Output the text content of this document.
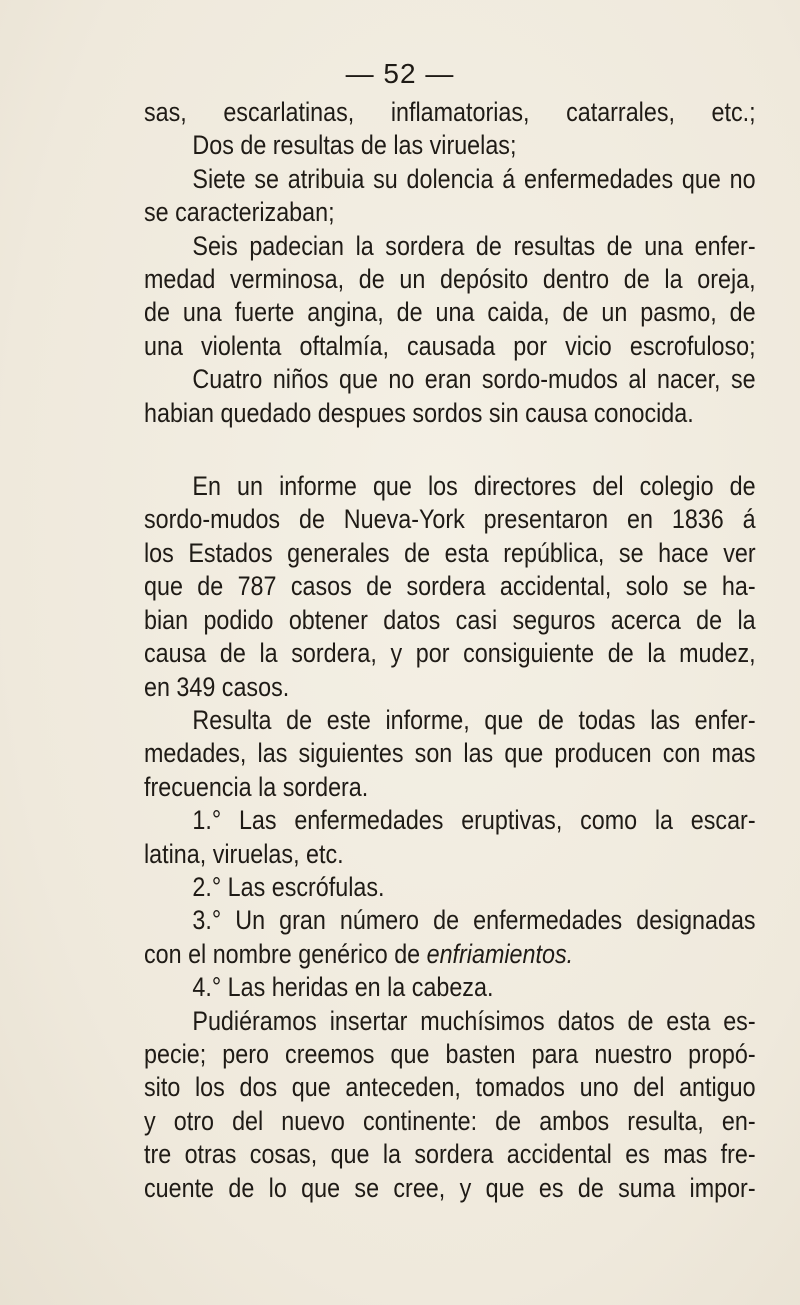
— 52 —
sas, escarlatinas, inflamatorias, catarrales, etc.;
Dos de resultas de las viruelas;
Siete se atribuia su dolencia á enfermedades que no
se caracterizaban;
Seis padecian la sordera de resultas de una enfer-
medad verminosa, de un depósito dentro de la oreja,
de una fuerte angina, de una caida, de un pasmo, de
una violenta oftalmía, causada por vicio escrofuloso;
Cuatro niños que no eran sordo-mudos al nacer, se
habian quedado despues sordos sin causa conocida.
En un informe que los directores del colegio de
sordo-mudos de Nueva-York presentaron en 1836 á
los Estados generales de esta república, se hace ver
que de 787 casos de sordera accidental, solo se ha-
bian podido obtener datos casi seguros acerca de la
causa de la sordera, y por consiguiente de la mudez,
en 349 casos.
Resulta de este informe, que de todas las enfer-
medades, las siguientes son las que producen con mas
frecuencia la sordera.
1.° Las enfermedades eruptivas, como la escar-
latina, viruelas, etc.
2.° Las escrófulas.
3.° Un gran número de enfermedades designadas
con el nombre genérico de enfriamientos.
4.° Las heridas en la cabeza.
Pudiéramos insertar muchísimos datos de esta es-
pecie; pero creemos que basten para nuestro propó-
sito los dos que anteceden, tomados uno del antiguo
y otro del nuevo continente: de ambos resulta, en-
tre otras cosas, que la sordera accidental es mas fre-
cuente de lo que se cree, y que es de suma impor-
